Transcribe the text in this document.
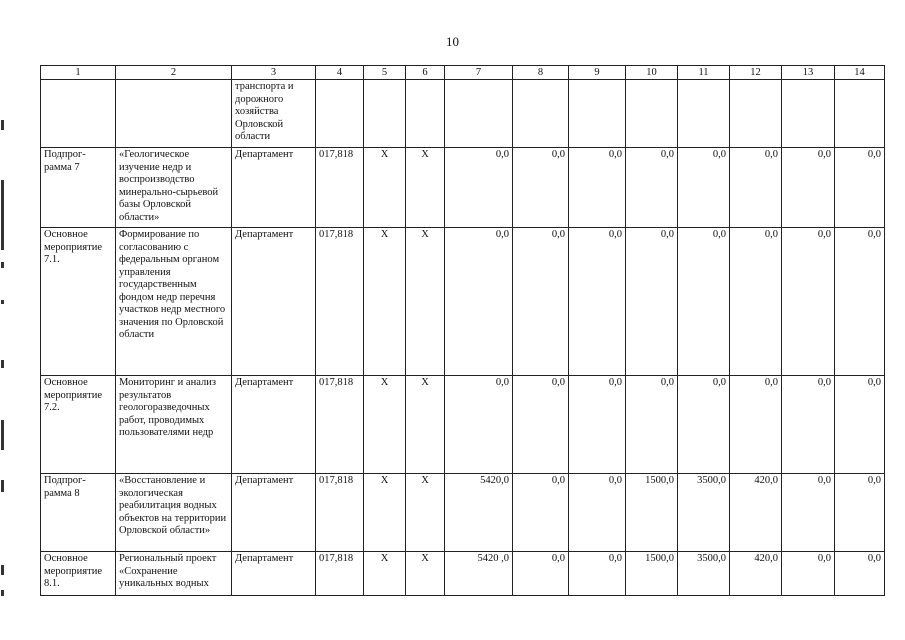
10
1	2	3	4	5	6	7	8	9	10	11	12	13	14
		транспорта и дорожного хозяйства Орловской области											
Подпрог-рамма 7	«Геологическое изучение недр и воспроизводство минерально-сырьевой базы Орловской области»	Департамент	017,818	X	X	0,0	0,0	0,0	0,0	0,0	0,0	0,0	0,0
Основное мероприятие 7.1.	Формирование по согласованию с федеральным органом управления государственным фондом недр перечня участков недр местного значения по Орловской области	Департамент	017,818	X	X	0,0	0,0	0,0	0,0	0,0	0,0	0,0	0,0
Основное мероприятие 7.2.	Мониторинг и анализ результатов геологоразведочных работ, проводимых пользователями недр	Департамент	017,818	X	X	0,0	0,0	0,0	0,0	0,0	0,0	0,0	0,0
Подпрог-рамма 8	«Восстановление и экологическая реабилитация водных объектов на территории Орловской области»	Департамент	017,818	X	X	5420,0	0,0	0,0	1500,0	3500,0	420,0	0,0	0,0
Основное мероприятие 8.1.	Региональный проект «Сохранение уникальных водных	Департамент	017,818	X	X	5420 ,0	0,0	0,0	1500,0	3500,0	420,0	0,0	0,0
